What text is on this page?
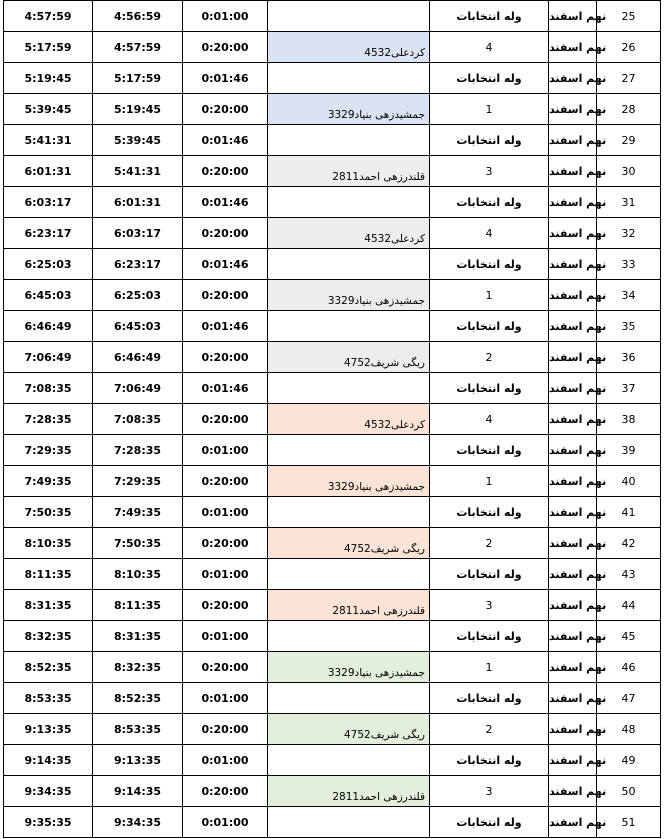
4:57:59	4:56:59	0:01:00		وله انتخابات	نهم اسفند	25
5:17:59	4:57:59	0:20:00	کردعلی4532	4	نهم اسفند	26
5:19:45	5:17:59	0:01:46		وله انتخابات	نهم اسفند	27
5:39:45	5:19:45	0:20:00	جمشیدزهی بنیاد3329	1	نهم اسفند	28
5:41:31	5:39:45	0:01:46		وله انتخابات	نهم اسفند	29
6:01:31	5:41:31	0:20:00	قلندرزهی احمد2811	3	نهم اسفند	30
6:03:17	6:01:31	0:01:46		وله انتخابات	نهم اسفند	31
6:23:17	6:03:17	0:20:00	کردعلی4532	4	نهم اسفند	32
6:25:03	6:23:17	0:01:46		وله انتخابات	نهم اسفند	33
6:45:03	6:25:03	0:20:00	جمشیدزهی بنیاد3329	1	نهم اسفند	34
6:46:49	6:45:03	0:01:46		وله انتخابات	نهم اسفند	35
7:06:49	6:46:49	0:20:00	ریگی شریف4752	2	نهم اسفند	36
7:08:35	7:06:49	0:01:46		وله انتخابات	نهم اسفند	37
7:28:35	7:08:35	0:20:00	کردعلی4532	4	نهم اسفند	38
7:29:35	7:28:35	0:01:00		وله انتخابات	نهم اسفند	39
7:49:35	7:29:35	0:20:00	جمشیدزهی بنیاد3329	1	نهم اسفند	40
7:50:35	7:49:35	0:01:00		وله انتخابات	نهم اسفند	41
8:10:35	7:50:35	0:20:00	ریگی شریف4752	2	نهم اسفند	42
8:11:35	8:10:35	0:01:00		وله انتخابات	نهم اسفند	43
8:31:35	8:11:35	0:20:00	قلندرزهی احمد2811	3	نهم اسفند	44
8:32:35	8:31:35	0:01:00		وله انتخابات	نهم اسفند	45
8:52:35	8:32:35	0:20:00	جمشیدزهی بنیاد3329	1	نهم اسفند	46
8:53:35	8:52:35	0:01:00		وله انتخابات	نهم اسفند	47
9:13:35	8:53:35	0:20:00	ریگی شریف4752	2	نهم اسفند	48
9:14:35	9:13:35	0:01:00		وله انتخابات	نهم اسفند	49
9:34:35	9:14:35	0:20:00	قلندرزهی احمد2811	3	نهم اسفند	50
9:35:35	9:34:35	0:01:00		وله انتخابات	نهم اسفند	51
